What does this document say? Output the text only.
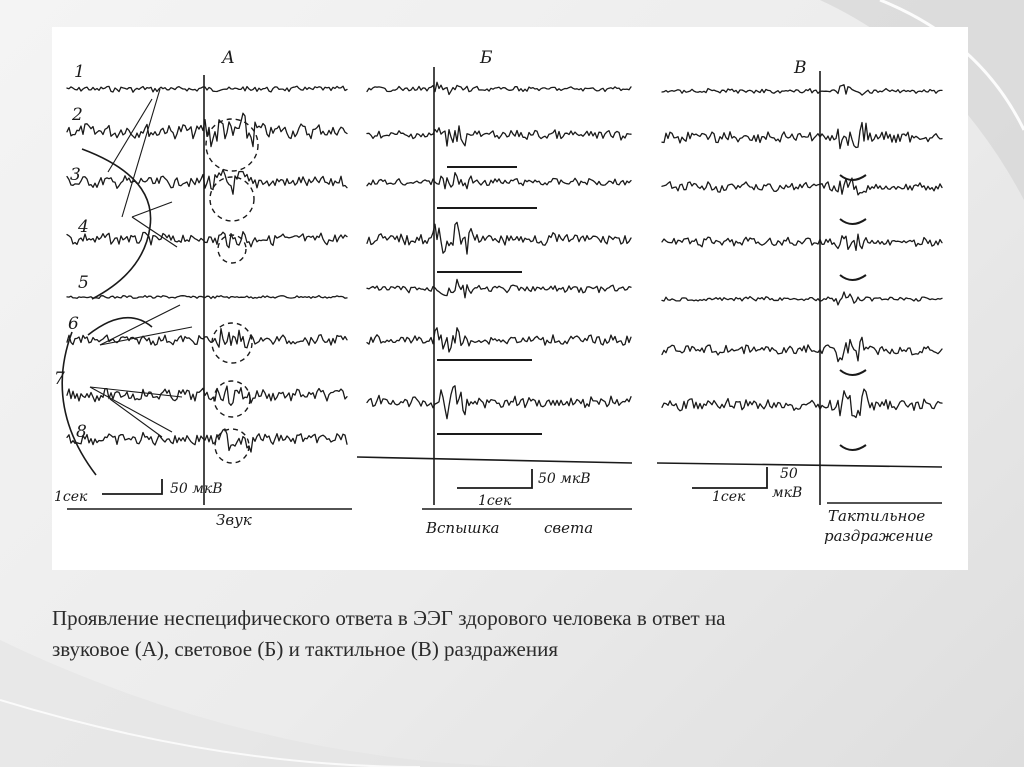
А	Б	В
1
2
3
4
5
6
7
8
1сек	50 мкВ
Звук
1сек
50 мкВ
Вспышка	света
1сек
50
мкВ
Тактильное
раздражение
Проявление неспецифического ответа в ЭЭГ здорового человека в ответ на
звуковое (А), световое (Б) и тактильное (В) раздражения
